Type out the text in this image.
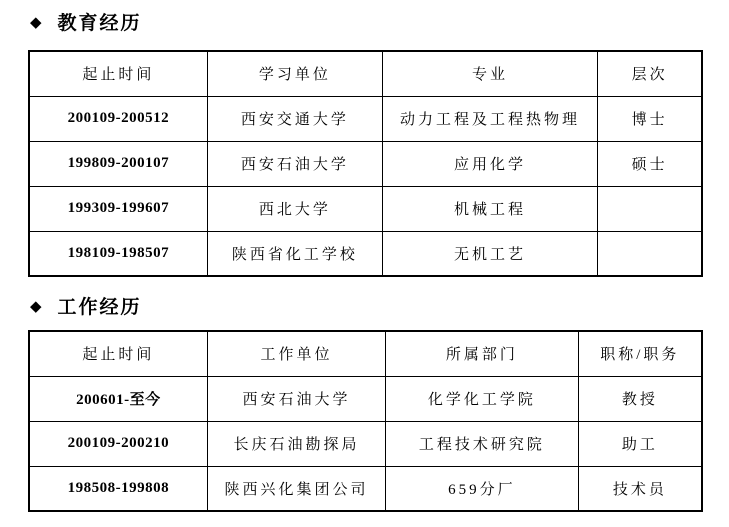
◆ 教育经历
起止时间	学习单位	专业	层次
200109-200512	西安交通大学	动力工程及工程热物理	博士
199809-200107	西安石油大学	应用化学	硕士
199309-199607	西北大学	机械工程	
198109-198507	陕西省化工学校	无机工艺	
◆ 工作经历
起止时间	工作单位	所属部门	职称/职务
200601-至今	西安石油大学	化学化工学院	教授
200109-200210	长庆石油勘探局	工程技术研究院	助工
198508-199808	陕西兴化集团公司	659分厂	技术员
